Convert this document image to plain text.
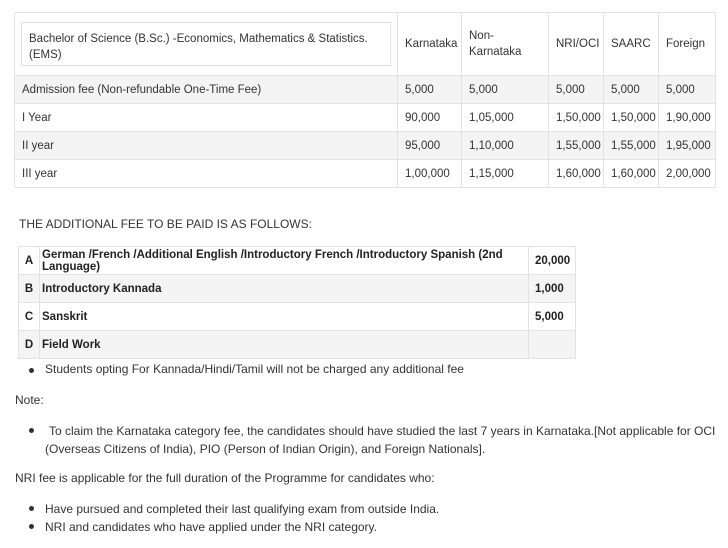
Bachelor of Science (B.Sc.) -Economics, Mathematics & Statistics. (EMS)	Karnataka	Non-Karnataka	NRI/OCI	SAARC	Foreign
Admission fee (Non-refundable One-Time Fee)	5,000	5,000	5,000	5,000	5,000
I Year	90,000	1,05,000	1,50,000	1,50,000	1,90,000
II year	95,000	1,10,000	1,55,000	1,55,000	1,95,000
III year	1,00,000	1,15,000	1,60,000	1,60,000	2,00,000
THE ADDITIONAL FEE TO BE PAID IS AS FOLLOWS:
A	German /French /Additional English /Introductory French /Introductory Spanish (2nd Language)	20,000
B	Introductory Kannada	1,000
C	Sanskrit	5,000
D	Field Work	
Students opting For Kannada/Hindi/Tamil will not be charged any additional fee
Note:
To claim the Karnataka category fee, the candidates should have studied the last 7 years in Karnataka.[Not applicable for OCI
(Overseas Citizens of India), PIO (Person of Indian Origin), and Foreign Nationals].
NRI fee is applicable for the full duration of the Programme for candidates who:
Have pursued and completed their last qualifying exam from outside India.
NRI and candidates who have applied under the NRI category.
